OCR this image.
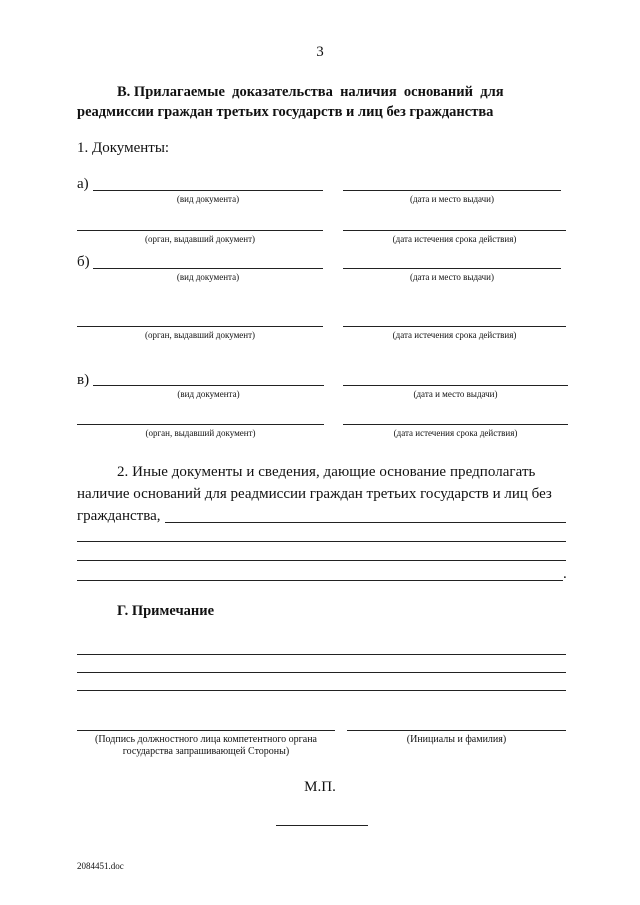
3
В. Прилагаемые  доказательства  наличия  оснований  для
реадмиссии граждан третьих государств и лиц без гражданства
1. Документы:
а)
(вид документа)	(дата и место выдачи)
(орган, выдавший документ)	(дата истечения срока действия)
б)
(вид документа)	(дата и место выдачи)
(орган, выдавший документ)	(дата истечения срока действия)
в)
(вид документа)	(дата и место выдачи)
(орган, выдавший документ)	(дата истечения срока действия)
2. Иные документы и сведения, дающие основание предполагать
наличие оснований для реадмиссии граждан третьих государств и лиц без
гражданства,
.
Г. Примечание
(Подпись должностного лица компетентного органа
государства запрашивающей Стороны)
(Инициалы и фамилия)
М.П.
2084451.doc
